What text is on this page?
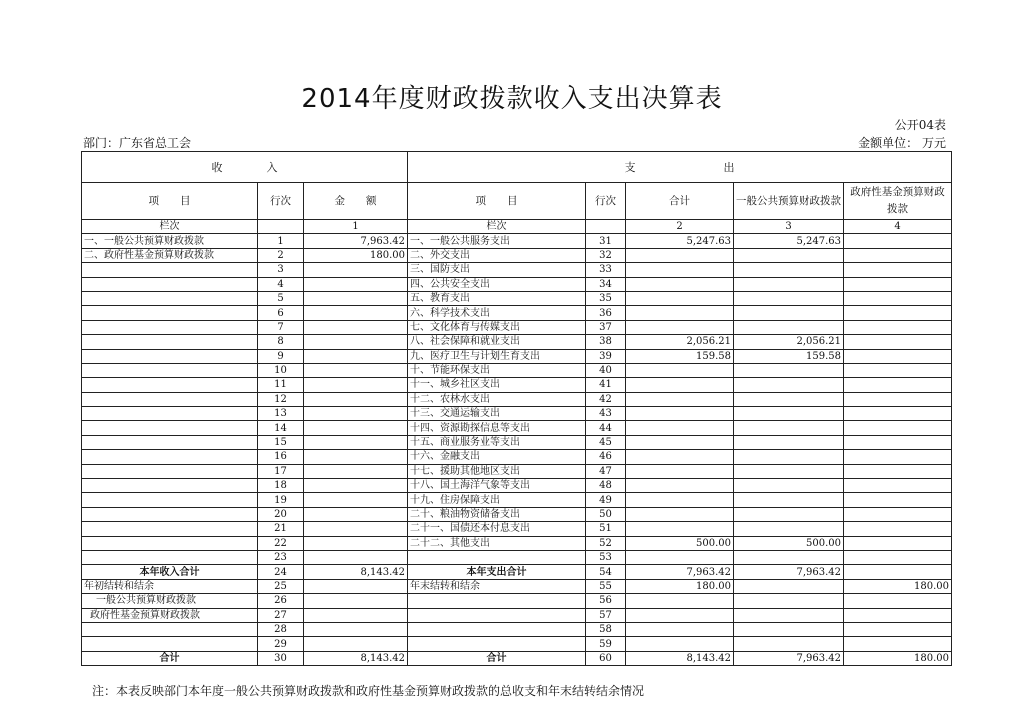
2014年度财政拨款收入支出决算表
公开04表
部门：广东省总工会	金额单位： 万元
收　　　　入			支　　　　　　　　出				
项　　目	行次	金　　额	项　　目	行次	合计	一般公共预算财政拨款	政府性基金预算财政拨款
栏次		1	栏次		2	3	4
一、一般公共预算财政拨款	1	7,963.42	一、一般公共服务支出	31	5,247.63	5,247.63	
二、政府性基金预算财政拨款	2	180.00	二、外交支出	32			
	3		三、国防支出	33			
	4		四、公共安全支出	34			
	5		五、教育支出	35			
	6		六、科学技术支出	36			
	7		七、文化体育与传媒支出	37			
	8		八、社会保障和就业支出	38	2,056.21	2,056.21	
	9		九、医疗卫生与计划生育支出	39	159.58	159.58	
	10		十、节能环保支出	40			
	11		十一、城乡社区支出	41			
	12		十二、农林水支出	42			
	13		十三、交通运输支出	43			
	14		十四、资源勘探信息等支出	44			
	15		十五、商业服务业等支出	45			
	16		十六、金融支出	46			
	17		十七、援助其他地区支出	47			
	18		十八、国土海洋气象等支出	48			
	19		十九、住房保障支出	49			
	20		二十、粮油物资储备支出	50			
	21		二十一、国债还本付息支出	51			
	22		二十二、其他支出	52	500.00	500.00	
	23			53			
本年收入合计	24	8,143.42	本年支出合计	54	7,963.42	7,963.42	
年初结转和结余	25		年末结转和结余	55	180.00		180.00
一般公共预算财政拨款	26			56			
政府性基金预算财政拨款	27			57			
	28			58			
	29			59			
合计	30	8,143.42	合计	60	8,143.42	7,963.42	180.00
注：本表反映部门本年度一般公共预算财政拨款和政府性基金预算财政拨款的总收支和年末结转结余情况
